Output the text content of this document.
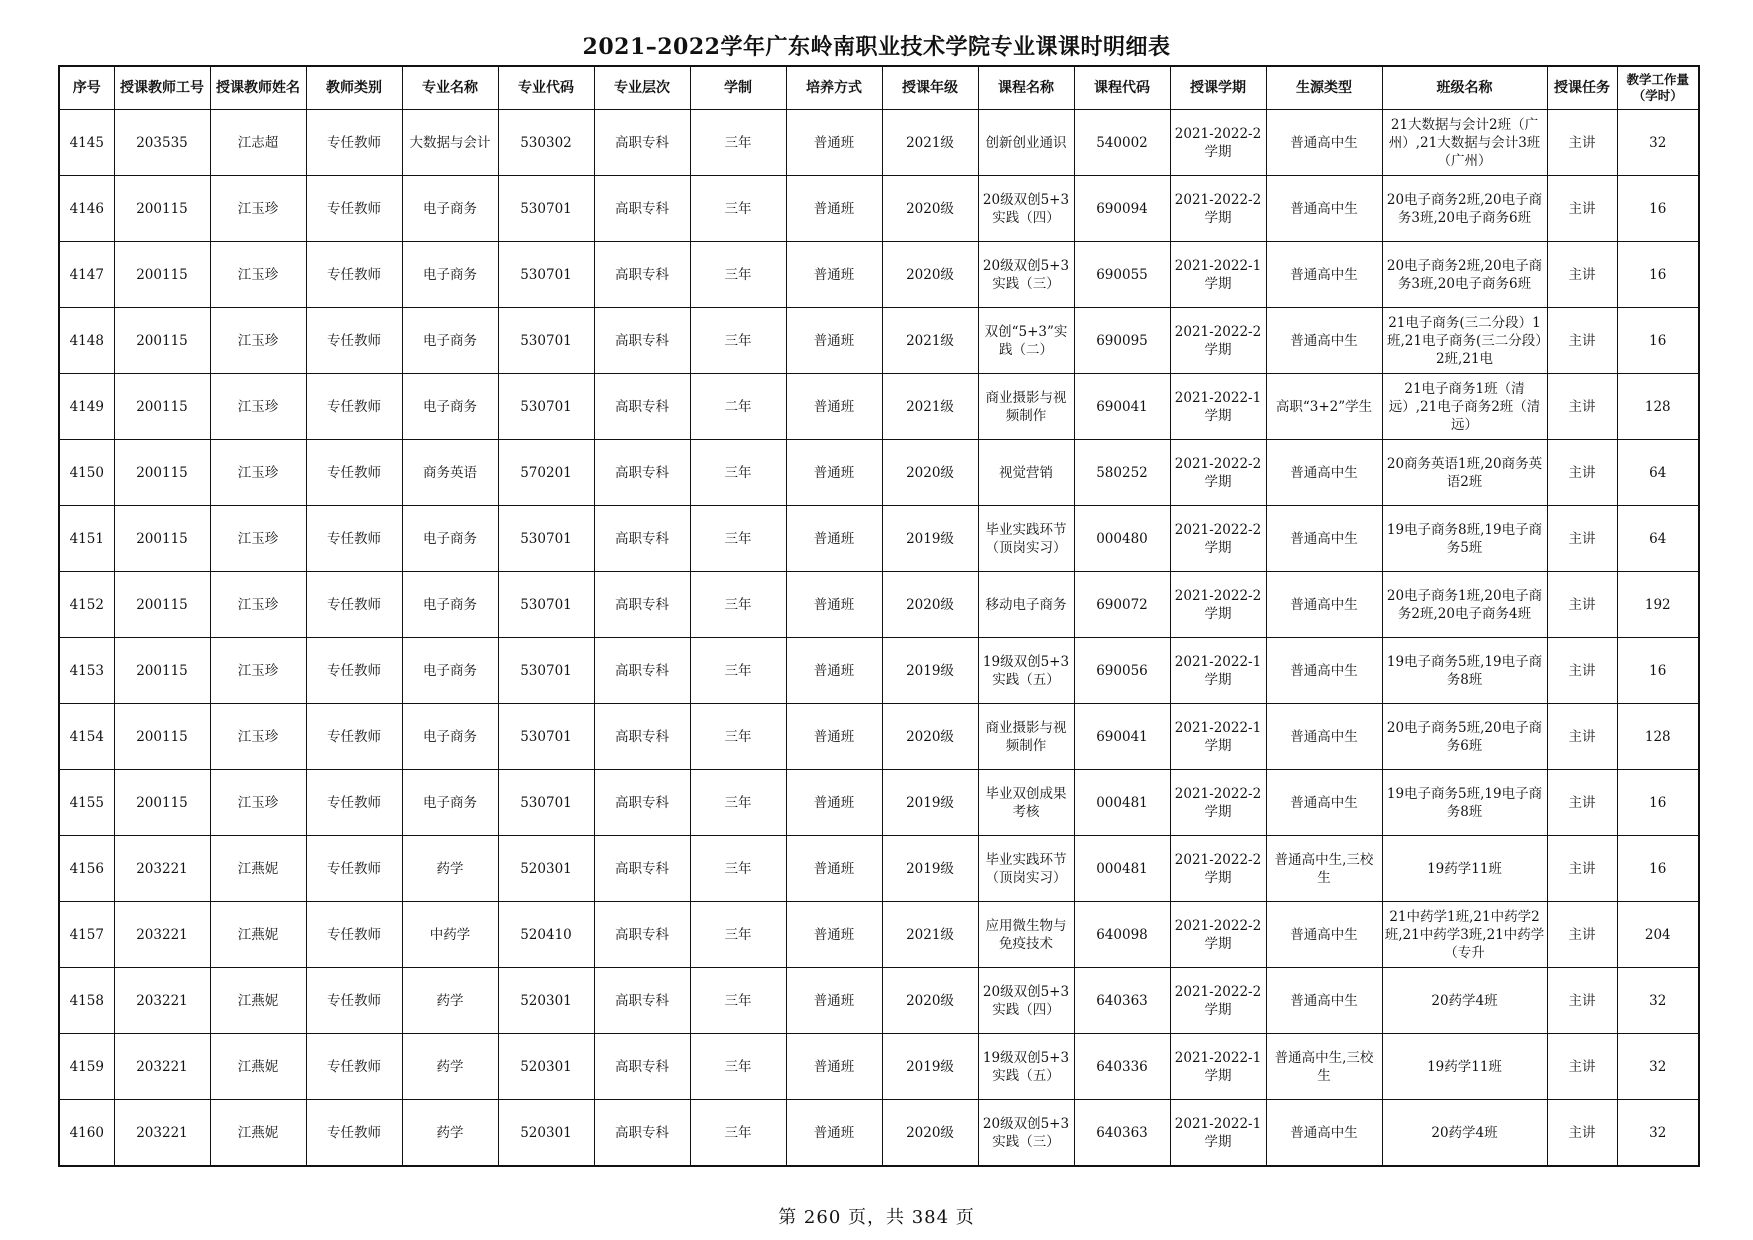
2021–2022学年广东岭南职业技术学院专业课课时明细表
序号	授课教师工号	授课教师姓名	教师类别	专业名称	专业代码	专业层次	学制	培养方式	授课年级	课程名称	课程代码	授课学期	生源类型	班级名称	授课任务	教学工作量（学时）

4145	203535	江志超	专任教师	大数据与会计	530302	高职专科	三年	普通班	2021级	创新创业通识	540002	2021-2022-2学期	普通高中生	21大数据与会计2班（广州）,21大数据与会计3班（广州）	主讲	32

4146	200115	江玉珍	专任教师	电子商务	530701	高职专科	三年	普通班	2020级	20级双创5+3实践（四）	690094	2021-2022-2学期	普通高中生	20电子商务2班,20电子商务3班,20电子商务6班	主讲	16

4147	200115	江玉珍	专任教师	电子商务	530701	高职专科	三年	普通班	2020级	20级双创5+3实践（三）	690055	2021-2022-1学期	普通高中生	20电子商务2班,20电子商务3班,20电子商务6班	主讲	16

4148	200115	江玉珍	专任教师	电子商务	530701	高职专科	三年	普通班	2021级	双创“5+3”实践（二）	690095	2021-2022-2学期	普通高中生	21电子商务(三二分段）1班,21电子商务(三二分段）2班,21电	主讲	16

4149	200115	江玉珍	专任教师	电子商务	530701	高职专科	二年	普通班	2021级	商业摄影与视频制作	690041	2021-2022-1学期	高职“3+2”学生	21电子商务1班（清远）,21电子商务2班（清远）	主讲	128

4150	200115	江玉珍	专任教师	商务英语	570201	高职专科	三年	普通班	2020级	视觉营销	580252	2021-2022-2学期	普通高中生	20商务英语1班,20商务英语2班	主讲	64

4151	200115	江玉珍	专任教师	电子商务	530701	高职专科	三年	普通班	2019级	毕业实践环节（顶岗实习）	000480	2021-2022-2学期	普通高中生	19电子商务8班,19电子商务5班	主讲	64

4152	200115	江玉珍	专任教师	电子商务	530701	高职专科	三年	普通班	2020级	移动电子商务	690072	2021-2022-2学期	普通高中生	20电子商务1班,20电子商务2班,20电子商务4班	主讲	192

4153	200115	江玉珍	专任教师	电子商务	530701	高职专科	三年	普通班	2019级	19级双创5+3实践（五）	690056	2021-2022-1学期	普通高中生	19电子商务5班,19电子商务8班	主讲	16

4154	200115	江玉珍	专任教师	电子商务	530701	高职专科	三年	普通班	2020级	商业摄影与视频制作	690041	2021-2022-1学期	普通高中生	20电子商务5班,20电子商务6班	主讲	128

4155	200115	江玉珍	专任教师	电子商务	530701	高职专科	三年	普通班	2019级	毕业双创成果考核	000481	2021-2022-2学期	普通高中生	19电子商务5班,19电子商务8班	主讲	16

4156	203221	江燕妮	专任教师	药学	520301	高职专科	三年	普通班	2019级	毕业实践环节（顶岗实习）	000481	2021-2022-2学期	普通高中生,三校生	19药学11班	主讲	16

4157	203221	江燕妮	专任教师	中药学	520410	高职专科	三年	普通班	2021级	应用微生物与免疫技术	640098	2021-2022-2学期	普通高中生	21中药学1班,21中药学2班,21中药学3班,21中药学（专升	主讲	204

4158	203221	江燕妮	专任教师	药学	520301	高职专科	三年	普通班	2020级	20级双创5+3实践（四）	640363	2021-2022-2学期	普通高中生	20药学4班	主讲	32

4159	203221	江燕妮	专任教师	药学	520301	高职专科	三年	普通班	2019级	19级双创5+3实践（五）	640336	2021-2022-1学期	普通高中生,三校生	19药学11班	主讲	32

4160	203221	江燕妮	专任教师	药学	520301	高职专科	三年	普通班	2020级	20级双创5+3实践（三）	640363	2021-2022-1学期	普通高中生	20药学4班	主讲	32
第 260 页，共 384 页
